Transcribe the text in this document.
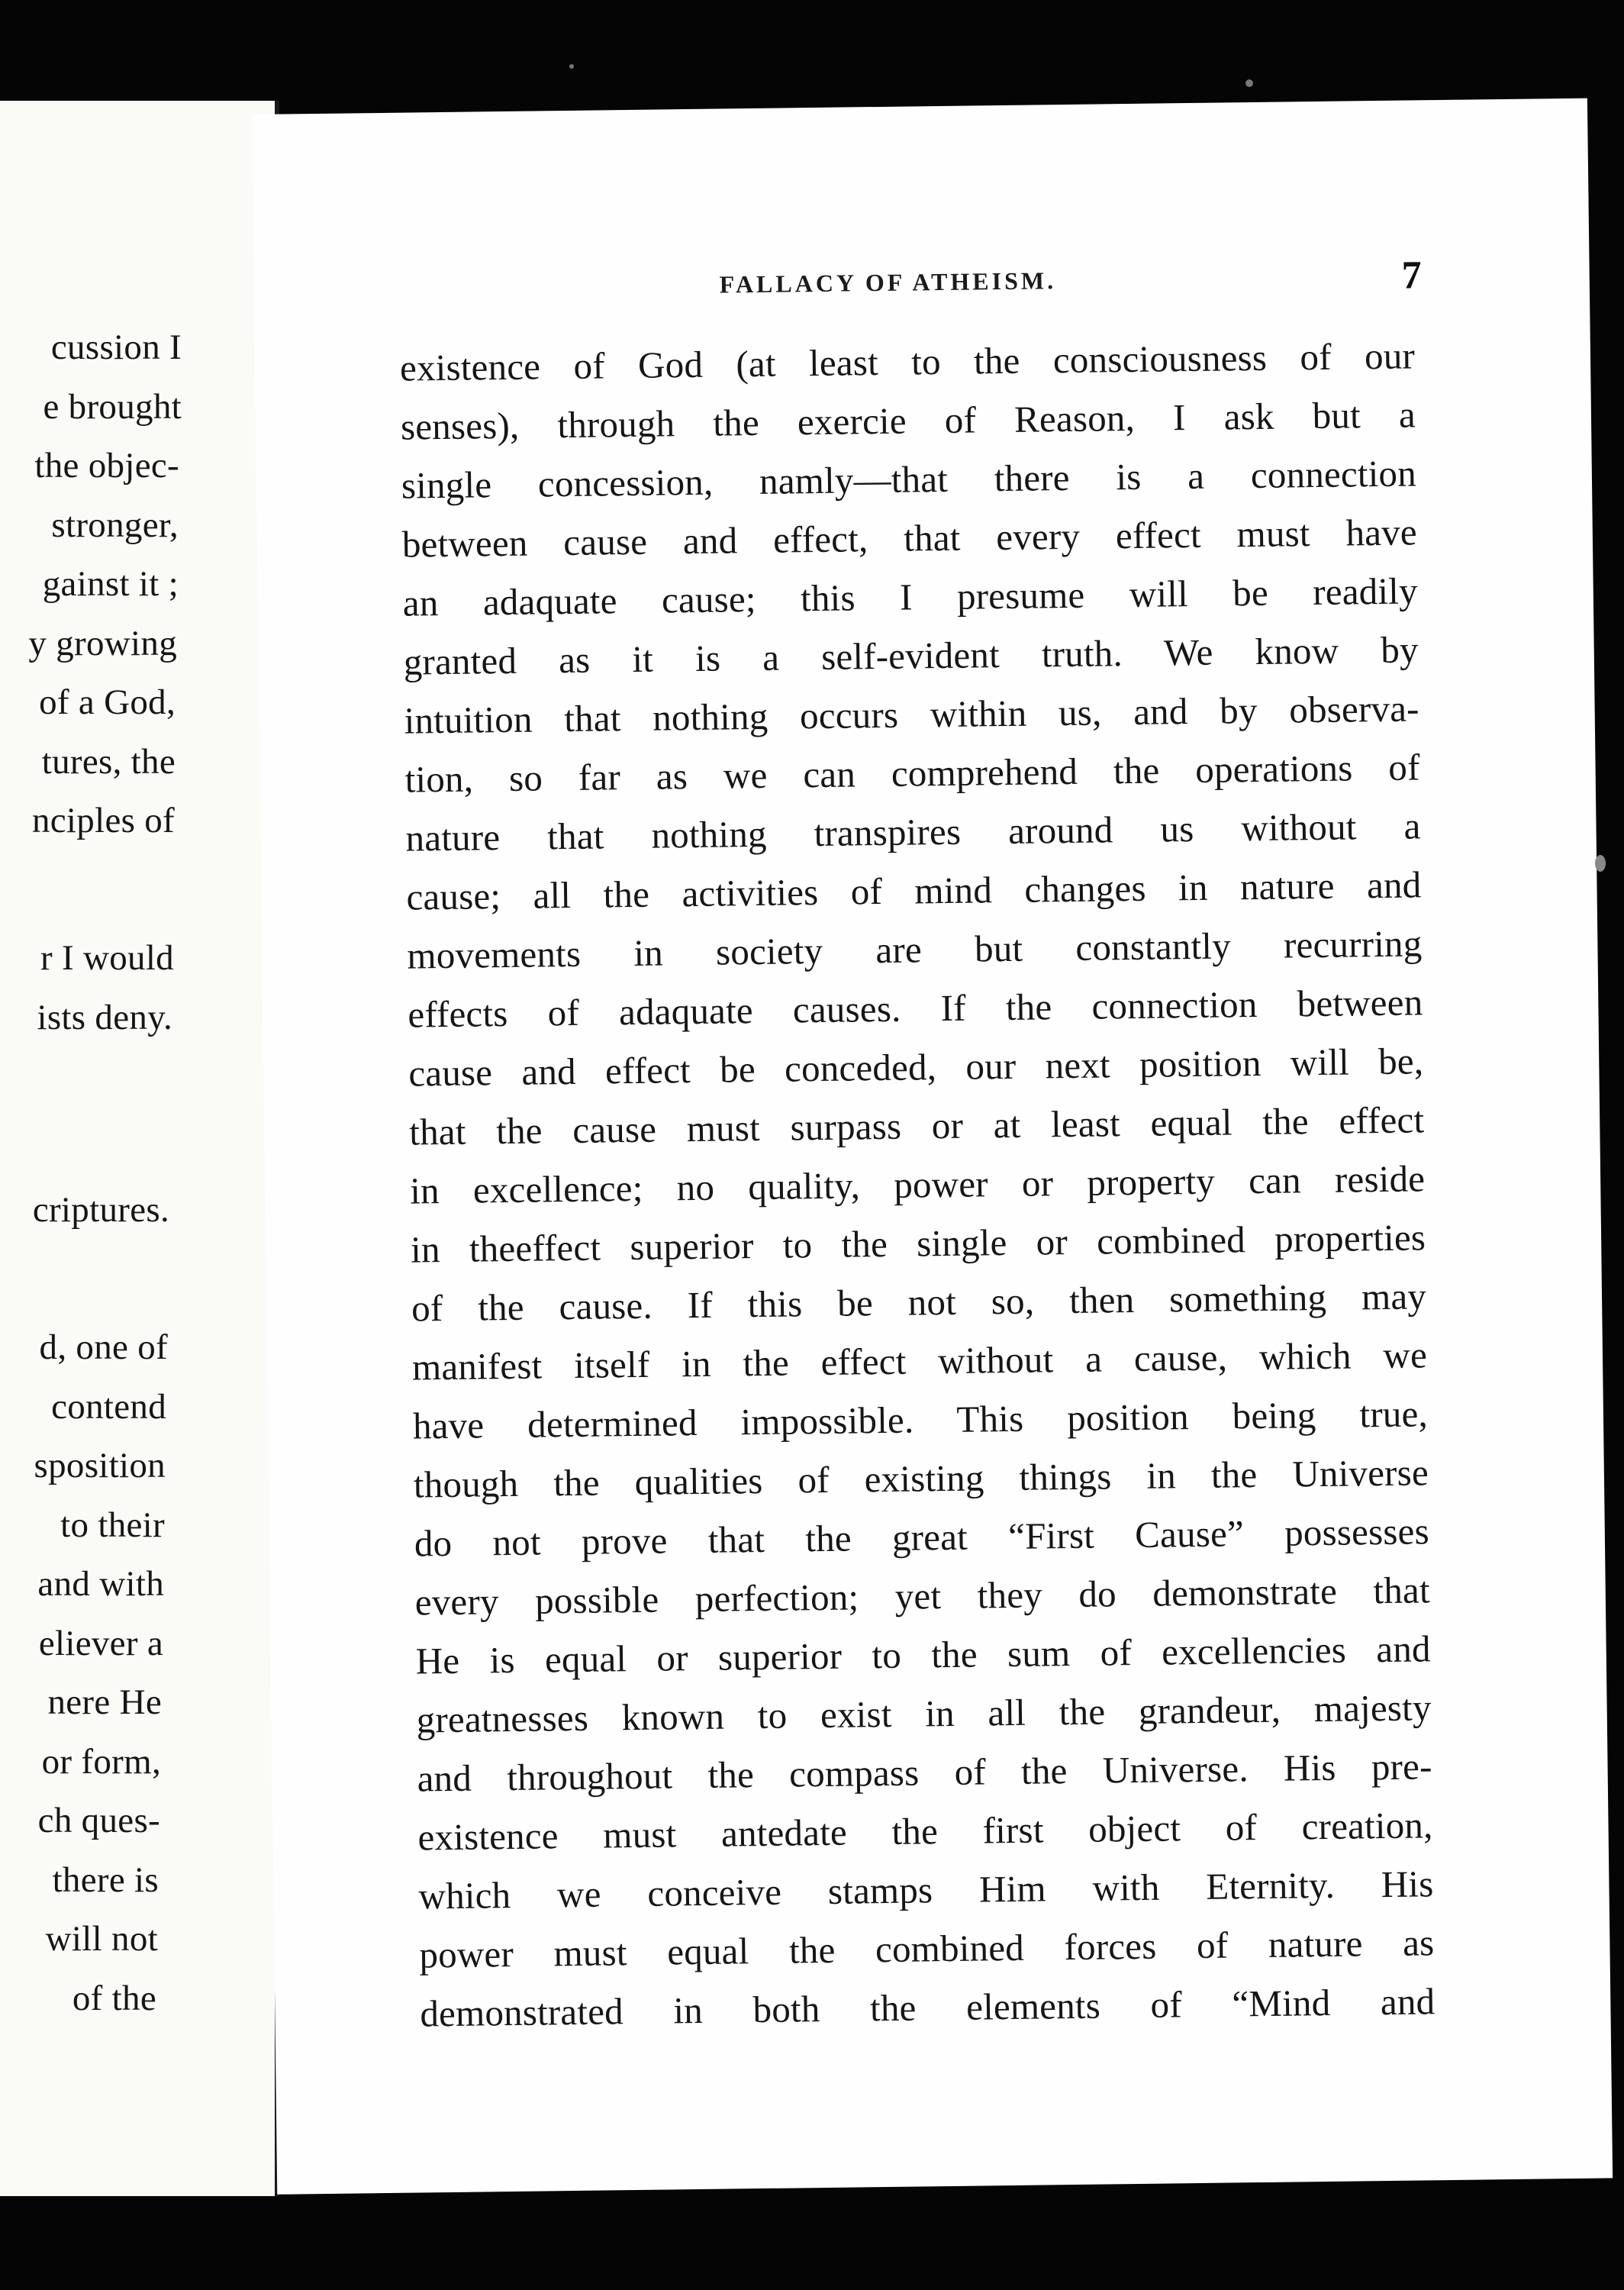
cussion I
e brought
the objec-
stronger,
gainst it ;
y growing
of a God,
tures, the
nciples of
r I would
ists deny.
criptures.
d, one of
contend
sposition
to their
and with
eliever a
nere He
or form,
ch ques-
there is
will not
of the
FALLACY OF ATHEISM.	7
existence of God (at least to the consciousness of our
senses), through the exercie of Reason, I ask but a
single concession, namly—that there is a connection
between cause and effect, that every effect must have
an adaquate cause; this I presume will be readily
granted as it is a self-evident truth. We know by
intuition that nothing occurs within us, and by observa-
tion, so far as we can comprehend the operations of
nature that nothing transpires around us without a
cause; all the activities of mind changes in nature and
movements in society are but constantly recurring
effects of adaquate causes. If the connection between
cause and effect be conceded, our next position will be,
that the cause must surpass or at least equal the effect
in excellence; no quality, power or property can reside
in theeffect superior to the single or combined properties
of the cause. If this be not so, then something may
manifest itself in the effect without a cause, which we
have determined impossible. This position being true,
though the qualities of existing things in the Universe
do not prove that the great “First Cause” possesses
every possible perfection; yet they do demonstrate that
He is equal or superior to the sum of excellencies and
greatnesses known to exist in all the grandeur, majesty
and throughout the compass of the Universe. His pre-
existence must antedate the first object of creation,
which we conceive stamps Him with Eternity. His
power must equal the combined forces of nature as
demonstrated in both the elements of “Mind and
